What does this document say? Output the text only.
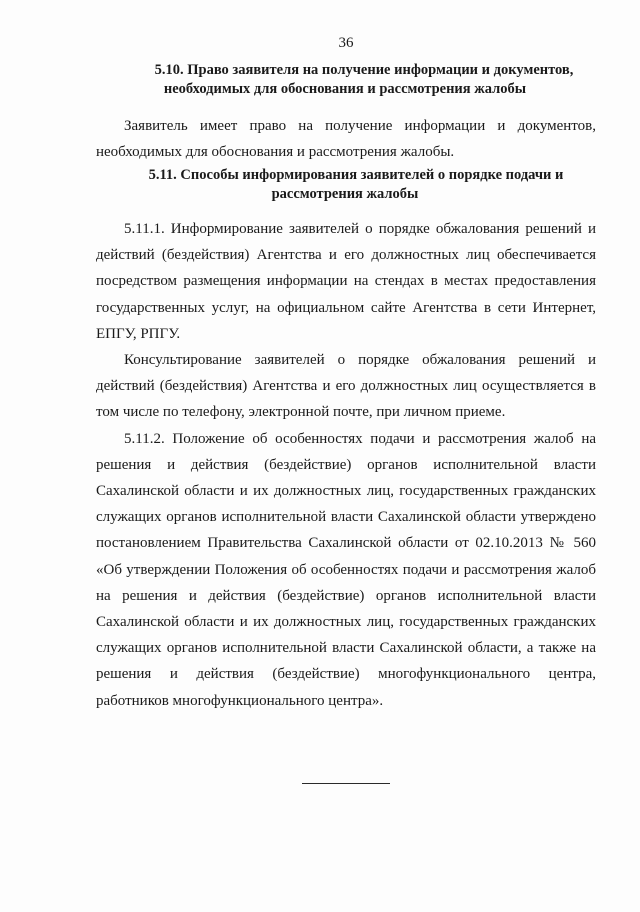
36
5.10. Право заявителя на получение информации и документов,
необходимых для обоснования и рассмотрения жалобы

Заявитель имеет право на получение информации и документов, необходимых для обоснования и рассмотрения жалобы.

5.11. Способы информирования заявителей о порядке подачи и
рассмотрения жалобы

5.11.1. Информирование заявителей о порядке обжалования решений и действий (бездействия) Агентства и его должностных лиц обеспечивается посредством размещения информации на стендах в местах предоставления государственных услуг, на официальном сайте Агентства в сети Интернет, ЕПГУ, РПГУ.

Консультирование заявителей о порядке обжалования решений и действий (бездействия) Агентства и его должностных лиц осуществляется в том числе по телефону, электронной почте, при личном приеме.

5.11.2. Положение об особенностях подачи и рассмотрения жалоб на решения и действия (бездействие) органов исполнительной власти Сахалинской области и их должностных лиц, государственных гражданских служащих органов исполнительной власти Сахалинской области утверждено постановлением Правительства Сахалинской области от 02.10.2013 № 560 «Об утверждении Положения об особенностях подачи и рассмотрения жалоб на решения и действия (бездействие) органов исполнительной власти Сахалинской области и их должностных лиц, государственных гражданских служащих органов исполнительной власти Сахалинской области, а также на решения и действия (бездействие) многофункционального центра, работников многофункционального центра».
